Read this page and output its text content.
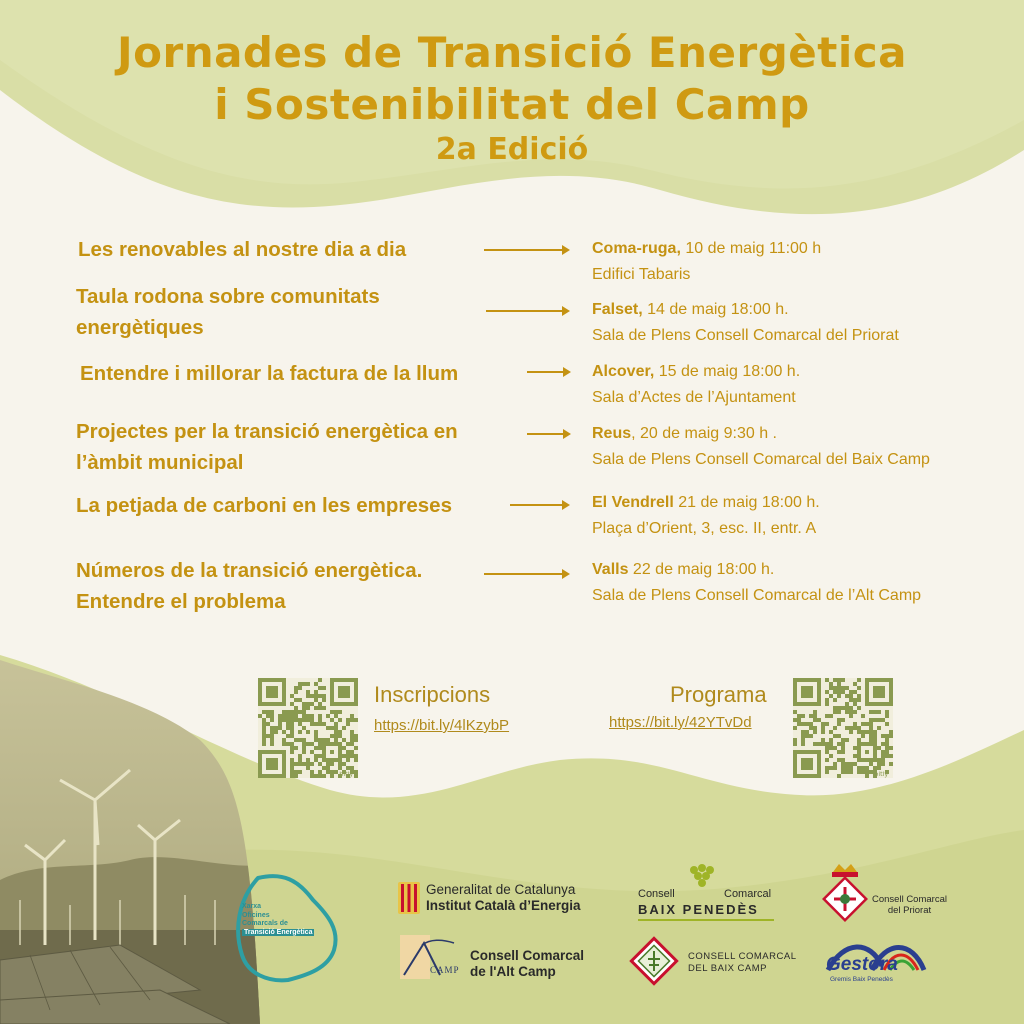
Jornades de Transició Energètica
i Sostenibilitat del Camp
2a Edició
Les renovables al nostre dia a dia	Coma-ruga, 10 de maig 11:00 h
Edifici Tabaris
Taula rodona sobre comunitats
energètiques
Falset, 14 de maig 18:00 h.
Sala de Plens Consell Comarcal del Priorat
Entendre i millorar la factura de la llum	Alcover, 15 de maig 18:00 h.
Sala d’Actes de l’Ajuntament
Projectes per la transició energètica en
l’àmbit municipal
Reus, 20 de maig 9:30 h .
Sala de Plens Consell Comarcal del Baix Camp
La petjada de carboni en les empreses	El Vendrell 21 de maig 18:00 h.
Plaça d’Orient, 3, esc. II, entr. A
Números de la transició energètica.
Entendre el problema
Valls 22 de maig 18:00 h.
Sala de Plens Consell Comarcal de l’Alt Camp
bitly
Inscripcions
https://bit.ly/4lKzybP
Programa
https://bit.ly/42YTvDd
bitly
Xarxa
Oficines
Comarcals de
Transició Energètica
Generalitat de Catalunya
Institut Català d’Energia
CAMP
Consell Comarcal
de l'Alt Camp
Consell	Comarcal
BAIX PENEDÈS
CONSELL COMARCAL
DEL BAIX CAMP
Consell Comarcal
del Priorat
Gestora
Gremis Baix Penedès
